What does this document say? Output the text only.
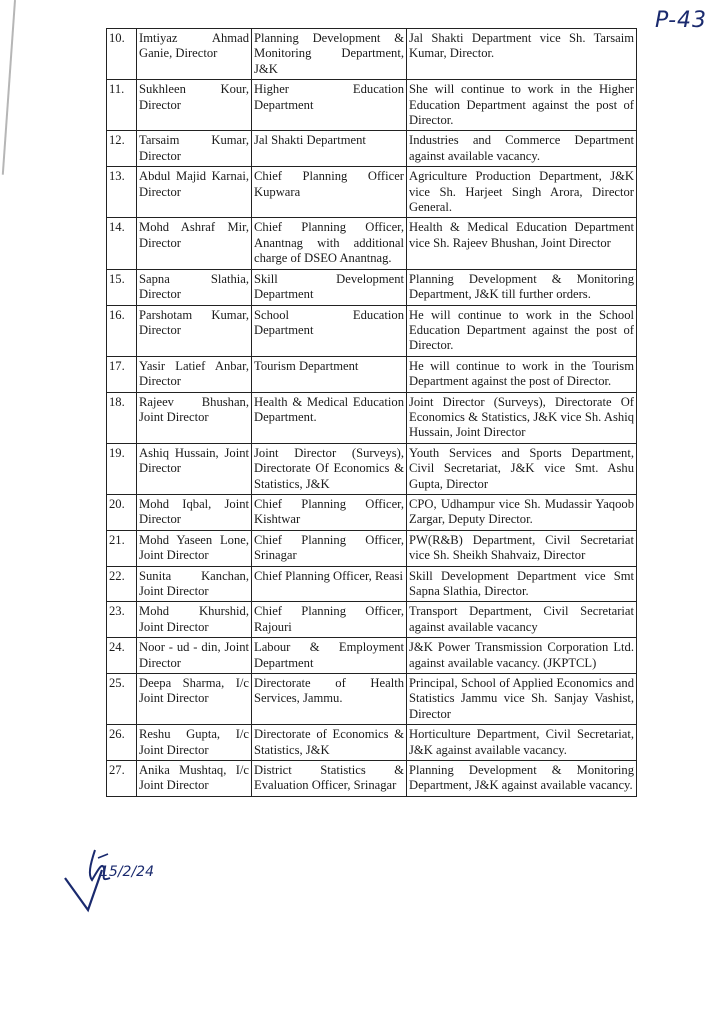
P-43
10.	Imtiyaz Ahmad Ganie, Director	Planning Development & Monitoring Department, J&K	Jal Shakti Department vice Sh. Tarsaim Kumar, Director.
11.	Sukhleen Kour, Director	Higher Education Department	She will continue to work in the Higher Education Department against the post of Director.
12.	Tarsaim Kumar, Director	Jal Shakti Department	Industries and Commerce Department against available vacancy.
13.	Abdul Majid Karnai, Director	Chief Planning Officer Kupwara	Agriculture Production Department, J&K vice Sh. Harjeet Singh Arora, Director General.
14.	Mohd Ashraf Mir, Director	Chief Planning Officer, Anantnag with additional charge of DSEO Anantnag.	Health & Medical Education Department vice Sh. Rajeev Bhushan, Joint Director
15.	Sapna Slathia, Director	Skill Development Department	Planning Development & Monitoring Department, J&K till further orders.
16.	Parshotam Kumar, Director	School Education Department	He will continue to work in the School Education Department against the post of Director.
17.	Yasir Latief Anbar, Director	Tourism Department	He will continue to work in the Tourism Department against the post of Director.
18.	Rajeev Bhushan, Joint Director	Health & Medical Education Department.	Joint Director (Surveys), Directorate Of Economics & Statistics, J&K vice Sh. Ashiq Hussain, Joint Director
19.	Ashiq Hussain, Joint Director	Joint Director (Surveys), Directorate Of Economics & Statistics, J&K	Youth Services and Sports Department, Civil Secretariat, J&K vice Smt. Ashu Gupta, Director
20.	Mohd Iqbal, Joint Director	Chief Planning Officer, Kishtwar	CPO, Udhampur vice Sh. Mudassir Yaqoob Zargar, Deputy Director.
21.	Mohd Yaseen Lone, Joint Director	Chief Planning Officer, Srinagar	PW(R&B) Department, Civil Secretariat vice Sh. Sheikh Shahvaiz, Director
22.	Sunita Kanchan, Joint Director	Chief Planning Officer, Reasi	Skill Development Department vice Smt Sapna Slathia, Director.
23.	Mohd Khurshid, Joint Director	Chief Planning Officer, Rajouri	Transport Department, Civil Secretariat against available vacancy
24.	Noor - ud - din, Joint Director	Labour & Employment Department	J&K Power Transmission Corporation Ltd. against available vacancy. (JKPTCL)
25.	Deepa Sharma, I/c Joint Director	Directorate of Health Services, Jammu.	Principal, School of Applied Economics and Statistics Jammu vice Sh. Sanjay Vashist, Director
26.	Reshu Gupta, I/c Joint Director	Directorate of Economics & Statistics, J&K	Horticulture Department, Civil Secretariat, J&K against available vacancy.
27.	Anika Mushtaq, I/c Joint Director	District Statistics & Evaluation Officer, Srinagar	Planning Development & Monitoring Department, J&K against available vacancy.
15/2/24
